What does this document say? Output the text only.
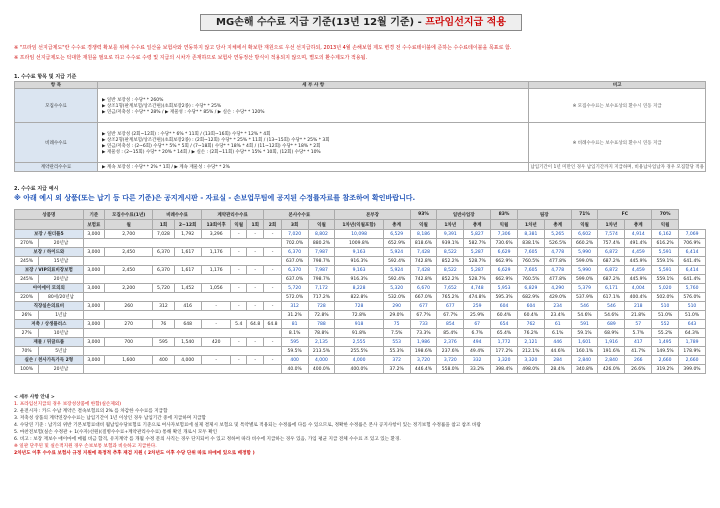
MG손해 수수료 지급 기준(13년 12월 기준) - 프라임선지급 적용
※ "프라임 선지급제도"란 수수료 경쟁력 확보를 위해 수수료 일산을 보험사와 연동하지 않고 당사 지체에서 확보한 재원으로 우선 선지급하되, 2013년 4월 손해보험 제도 변경 전 수수료테이블에 준하는 수수료테이블을 목표로 함.
※ 프라임 선지급제도는 턱대한 재원을 필요로 하고 수수료 수령 및 지급의 시차가 존재하므로 보험사 연동정산 방식이 적용되지 않으며, 별도의 환수제도가 적용됨.
1. 수수료 항목 및 지급 기준
항 목	세 부 사 항	비고
모집수수료	▶ 일반 보장성 : 수당* * 260%
▶ 상조1형(판계보험/상조간편)(초회보장2종) : 수당* * 25%
▶ 연금/저축성 : 수당* * 28% / ▶ 재물성 : 수당* * 85% / ▶ 실손 : 수당* * 120%	※ 모집수수료는 보수표상의 환수시 연동 지급
비례수수료	▶ 일반 보장성 (2회~12회) : 수당* * 6% * 11회 / (13회~16회) 수당* * 12% * 4회
▶ 상조2형(판계보험/상조간편)(초회보장2종) : (2회~12회) 수당* * 25% * 11회 / (13~15회) 수당* * 25% * 3회
▶ 연금/저축성 : (2~6회) 수당* * 5% * 5회 / (7~18회) 수당* * 18% * 4회 / (11~12회) 수당* * 18% * 2회
▶ 재물성 : (2~15회) 수당* * 20% * 14회 / ▶ 실손 : (2회~11회) 수당* * 15% * 10회, (12회) 수당* * 10%	※ 비례수수료는 보수표상의 환수시 연동 지급
계약관리수수료	▶ 계속 보장성 : 수당* * 2% * 1회 / ▶ 계속 재물성 : 수당* * 2%	납입기간이 1년 미만인 경우 납입기간까지 지급하며, 비용납사업납자 경우 모집할당 적용
2. 수수료 지급 예시
※ 아래 예시 외 상품(또는 납기 등 다른 기준)은 공지게시판 - 자료실 - 손보업무팀에 공지된 수정률자료를 참조하여 확인바랍니다.
상품명		기준	모집수수료(1년)	비례수수료		계약관리수수료			본사수수료			본부장		93%	일반사업장		83%	팀장		71%	FC		70%	
		보험료	월	1회	2~12회	13회이후	익월	1회	2회	3회	익월	1차년(익월포함)	총계	익월	1차년	총계	익월	1차년	총계	익월	1차년	총계	익월	
보장 / 원더플5		3,000	2,700	7,028	1,792	3,296	-	-	-	7,020	8,802	10,098	6,529	8,186	9,391	5,827	7,306	8,381	5,265	6,602	7,574	4,914	6,162	7,069
270%	20년납									702.0%	880.2%	1009.8%	652.9%	818.6%	939.1%	582.7%	730.6%	838.1%	526.5%	660.2%	757.4%	491.4%	616.2%	706.9%
보장 / 하이드와		3,000	2,450	6,370	1,617	1,176	-	-	-	6,370	7,987	9,163	5,924	7,428	8,522	5,287	6,629	7,605	4,778	5,990	6,872	4,459	5,591	6,414
245%	15년납									637.0%	798.7%	916.3%	592.4%	742.8%	852.2%	528.7%	662.9%	760.5%	477.8%	599.0%	687.2%	445.9%	559.1%	641.4%
보장 / VIP의료비장보험		3,000	2,450	6,370	1,617	1,176	-	-	-	6,370	7,987	9,163	5,924	7,428	8,522	5,287	6,629	7,605	4,778	5,990	6,872	4,459	5,591	6,414
245%	20년납									637.0%	798.7%	916.3%	592.4%	742.8%	852.2%	528.7%	662.9%	760.5%	477.8%	599.0%	687.2%	445.9%	559.1%	641.4%
아이에이 모의의		3,000	2,200	5,720	1,452	1,056	-	-	-	5,720	7,172	8,228	5,320	6,670	7,652	4,748	5,953	6,829	4,290	5,379	6,171	4,004	5,020	5,760
220%	80세/20년납									572.0%	717.2%	822.8%	532.0%	667.0%	765.2%	474.8%	595.3%	682.9%	429.0%	537.9%	617.1%	400.4%	502.0%	576.0%
직장실손의료비		3,000	260	312	416	-	-	-	-	312	728	728	290	677	677	259	604	604	234	546	546	218	510	510
26%	1년납									31.2%	72.8%	72.8%	29.0%	67.7%	67.7%	25.9%	60.4%	60.4%	23.4%	54.6%	54.6%	21.8%	51.0%	51.0%
저축 / 상생플러스		3,000	270	76	648	-	5.4	64.8	64.8	81	788	918	75	733	854	67	654	762	61	591	689	57	552	643
27%	10년납									8.1%	78.8%	91.8%	7.5%	73.3%	85.4%	6.7%	65.4%	76.2%	6.1%	59.1%	68.9%	5.7%	55.2%	64.3%
재물 / 뒤글뜨룹		3,000	700	595	1,540	420	-	-	-	595	2,135	2,555	553	1,986	2,376	494	1,772	2,121	446	1,601	1,916	417	1,495	1,789
70%	5년납									59.5%	213.5%	255.5%	55.3%	198.6%	237.6%	49.4%	177.2%	212.1%	44.6%	160.1%	191.6%	41.7%	149.5%	178.9%
실손 / 천사가득가득 2형		3,000	1,600	400	4,000	-	-	-	-	400	4,000	4,000	372	3,720	3,720	332	3,320	3,320	284	2,840	2,840	266	2,660	2,660
100%	20년납									40.0%	400.0%	400.0%	37.2%	446.4%	558.0%	33.2%	398.4%	498.0%	28.4%	340.8%	426.0%	26.6%	319.2%	399.0%
< 세부 사항 안내 >
1. 프라임선지급의 경우 보장성상품에 한함(실손제외)
2. 운전시자 : 카드 수납 계약은 결속보험료의 2% 를 차감한 수수료를 지급함
3. 저축성 상품의 계약연장수수료는 납입기간이 1년 이상인 경우 납입기간 중에 지급하며 지급함
4. 수당연 기준 : 납기의 위반 기본보험료대비 월납입수당보험료 기준으로 여사자보험료에 실제 결제시 보험요 및 특약별로 적용되는 수정률에 다를 수 있으므로, 정확한 수정률은 본사 공지사항이 있는 정기보험 수정률을 참고 참조 바람
5. 마찬전보험(실손 수정관 + 1(수자)선원)(질병수수료+계약관리수수료) 통해 확인 개로시 모두 확인
6. 비고 : 보장 재보수 애이마에 매월 비금 합격, 유지계약 를 개월 수정 문의 사직는 경우 단지되어 수 있고 정하여 따라 비수에 지급하는 경우 있음, 가입 평균 지급 전체 수수료 조 있고 있는 환경.
※ 일관 단주된 및 실손적지원 경우 손보보통 보험과 비슷하고 지급한다.
2차년도 이후 수수료 보험사 규정 지원에 특정적 추후 재검 지원 ( 2차년도 이후 수당 단위 따로 파에에 있으로 배정함 )
